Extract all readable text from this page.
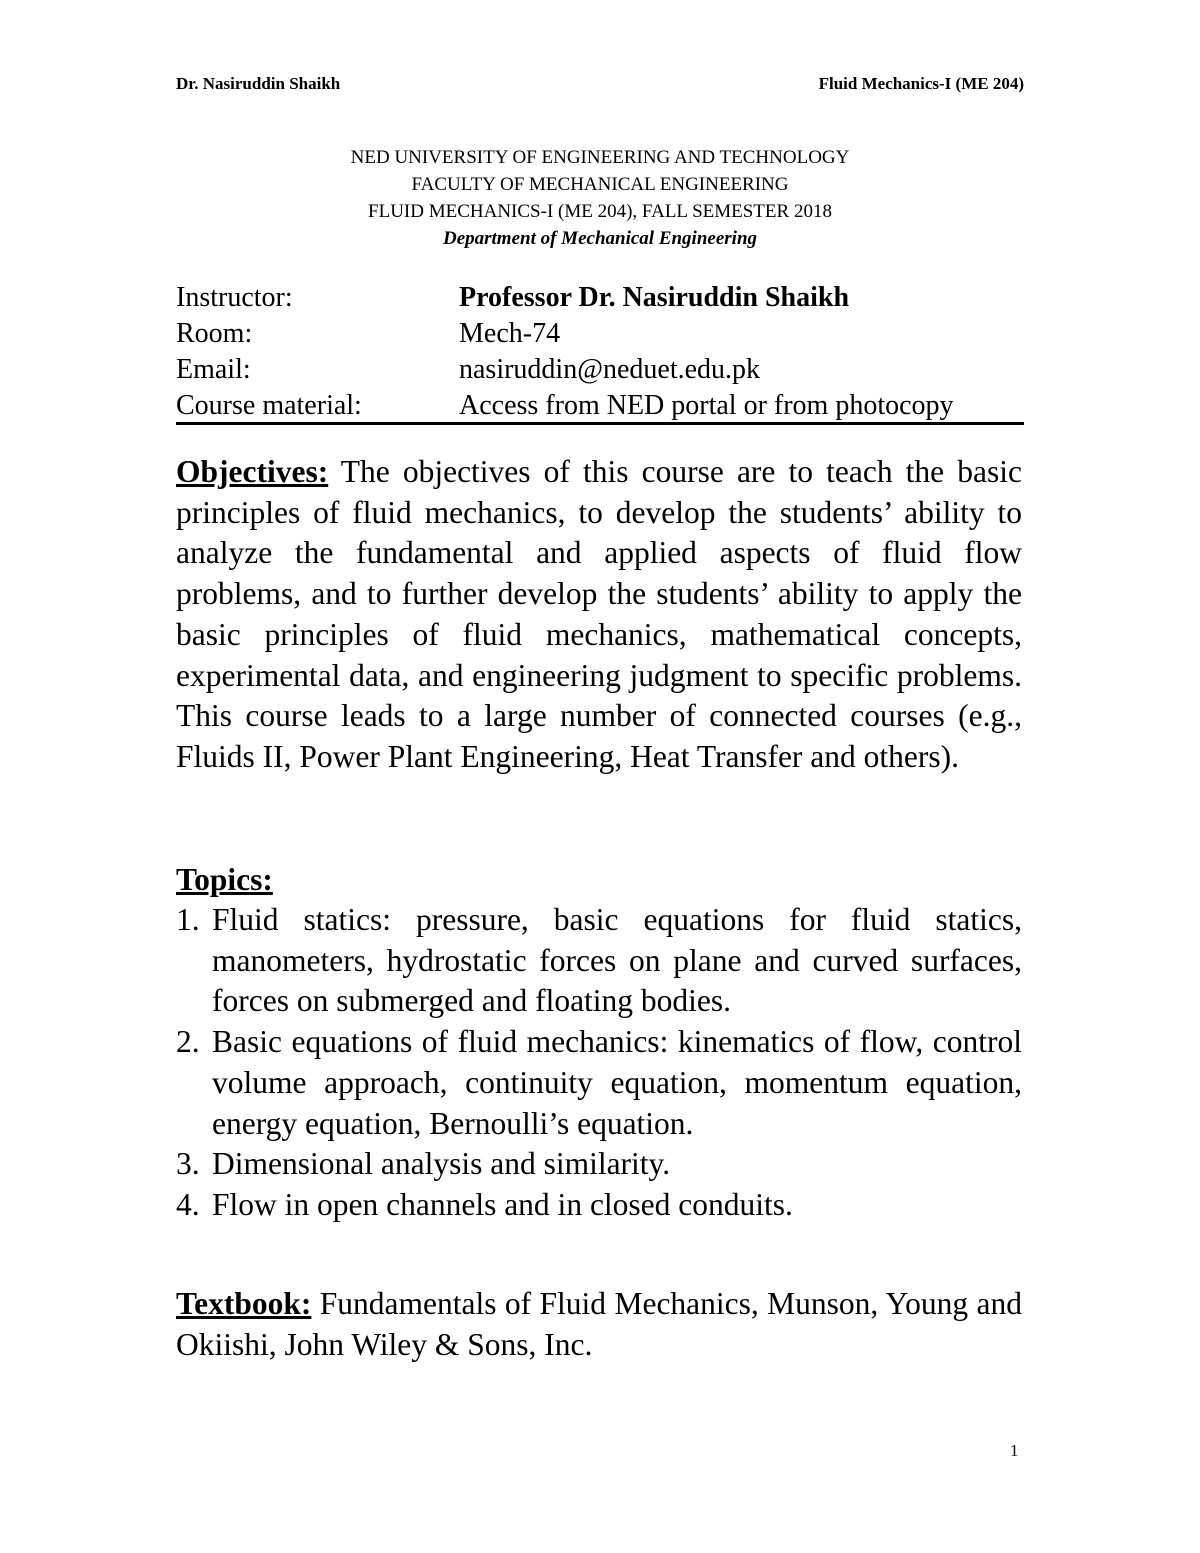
Dr. Nasiruddin Shaikh	Fluid Mechanics-I (ME 204)
NED UNIVERSITY OF ENGINEERING AND TECHNOLOGY
FACULTY OF MECHANICAL ENGINEERING
FLUID MECHANICS-I (ME 204), FALL SEMESTER 2018
Department of Mechanical Engineering
Instructor:	Professor Dr. Nasiruddin Shaikh
Room:	Mech-74
Email:	nasiruddin@neduet.edu.pk
Course material:	Access from NED portal or from photocopy
Objectives: The objectives of this course are to teach the basic principles of fluid mechanics, to develop the students’ ability to analyze the fundamental and applied aspects of fluid flow problems, and to further develop the students’ ability to apply the basic principles of fluid mechanics, mathematical concepts, experimental data, and engineering judgment to specific problems. This course leads to a large number of connected courses (e.g., Fluids II, Power Plant Engineering, Heat Transfer and others).
Topics:
1. Fluid statics: pressure, basic equations for fluid statics, manometers, hydrostatic forces on plane and curved surfaces, forces on submerged and floating bodies.
2. Basic equations of fluid mechanics: kinematics of flow, control volume approach, continuity equation, momentum equation, energy equation, Bernoulli’s equation.
3. Dimensional analysis and similarity.
4. Flow in open channels and in closed conduits.
Textbook: Fundamentals of Fluid Mechanics, Munson, Young and Okiishi, John Wiley & Sons, Inc.
1
